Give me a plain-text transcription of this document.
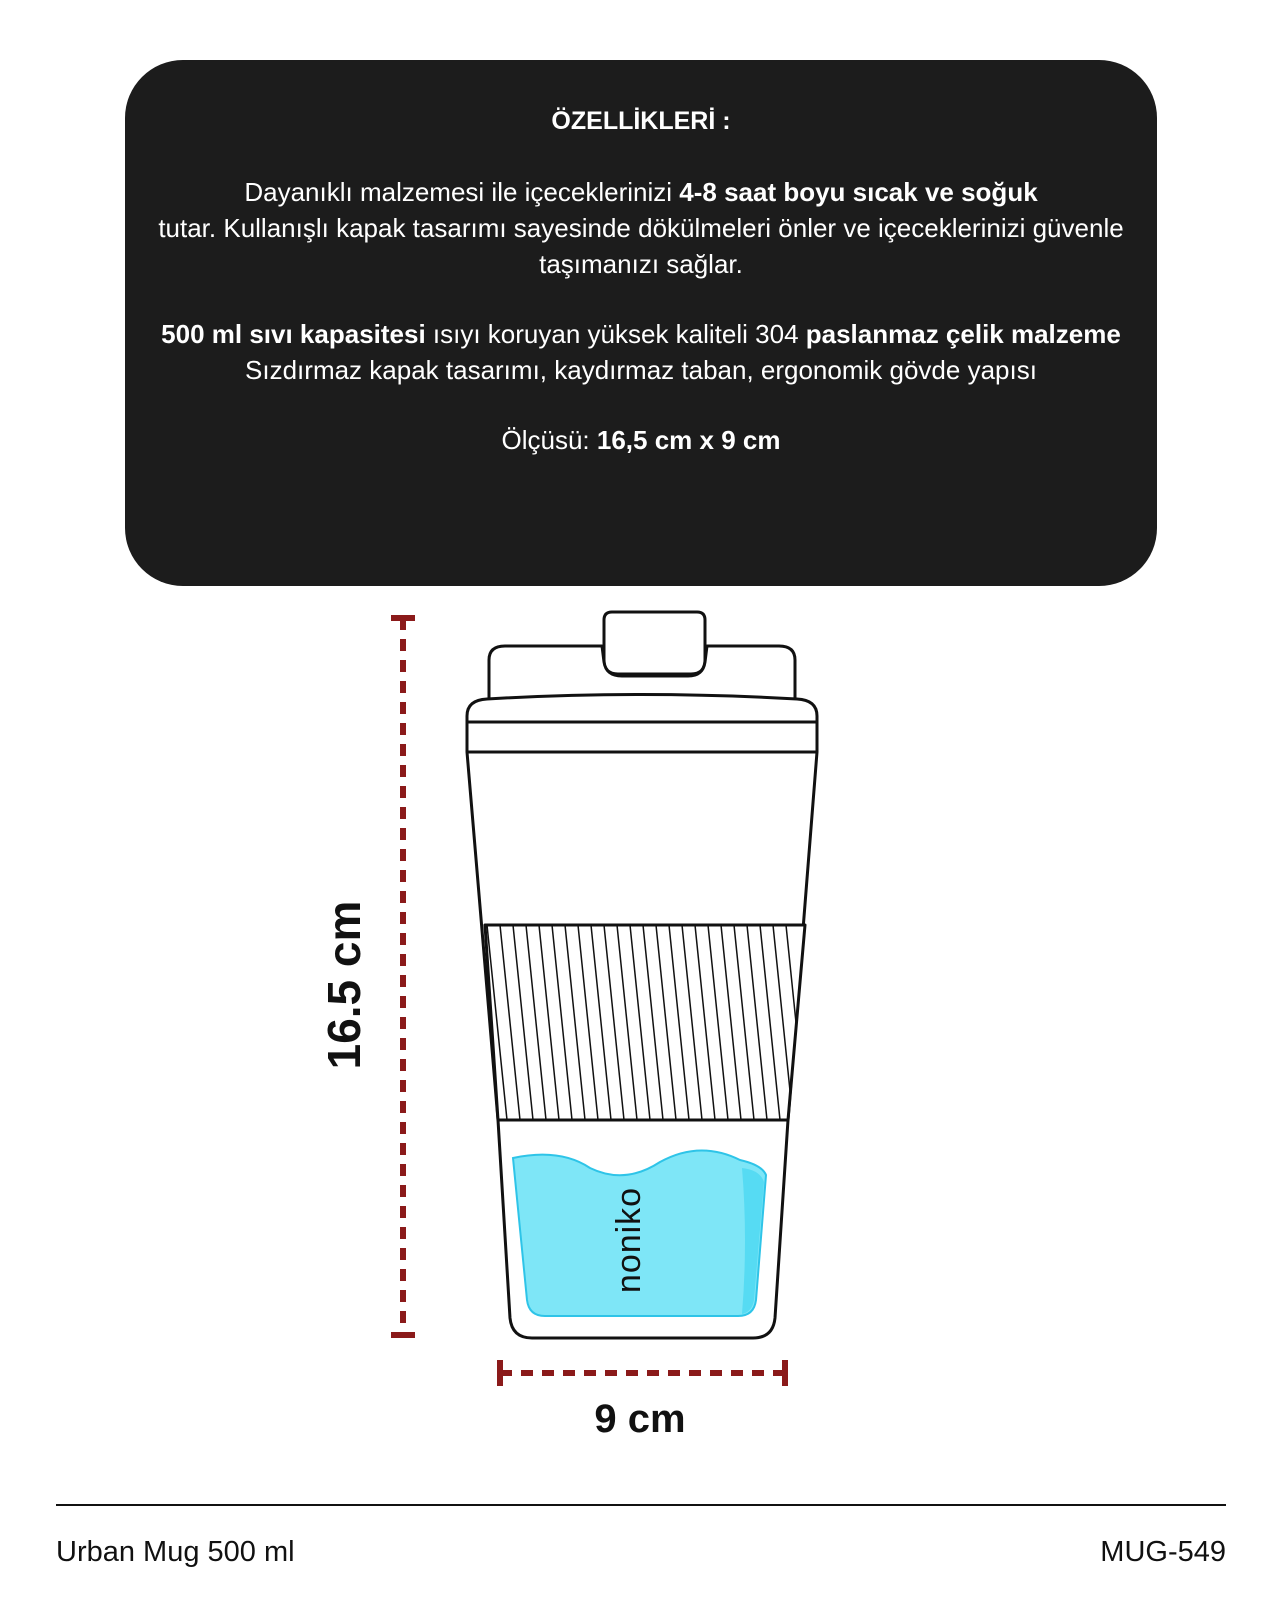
ÖZELLİKLERİ :

Dayanıklı malzemesi ile içeceklerinizi 4-8 saat boyu sıcak ve soğuk
tutar. Kullanışlı kapak tasarımı sayesinde dökülmeleri önler ve içeceklerinizi güvenle taşımanızı sağlar.

500 ml sıvı kapasitesi ısıyı koruyan yüksek kaliteli 304 paslanmaz çelik malzeme Sızdırmaz kapak tasarımı, kaydırmaz taban, ergonomik gövde yapısı

Ölçüsü: 16,5 cm x 9 cm

16.5 cm
9 cm
noniko
Urban Mug 500 ml	MUG-549
